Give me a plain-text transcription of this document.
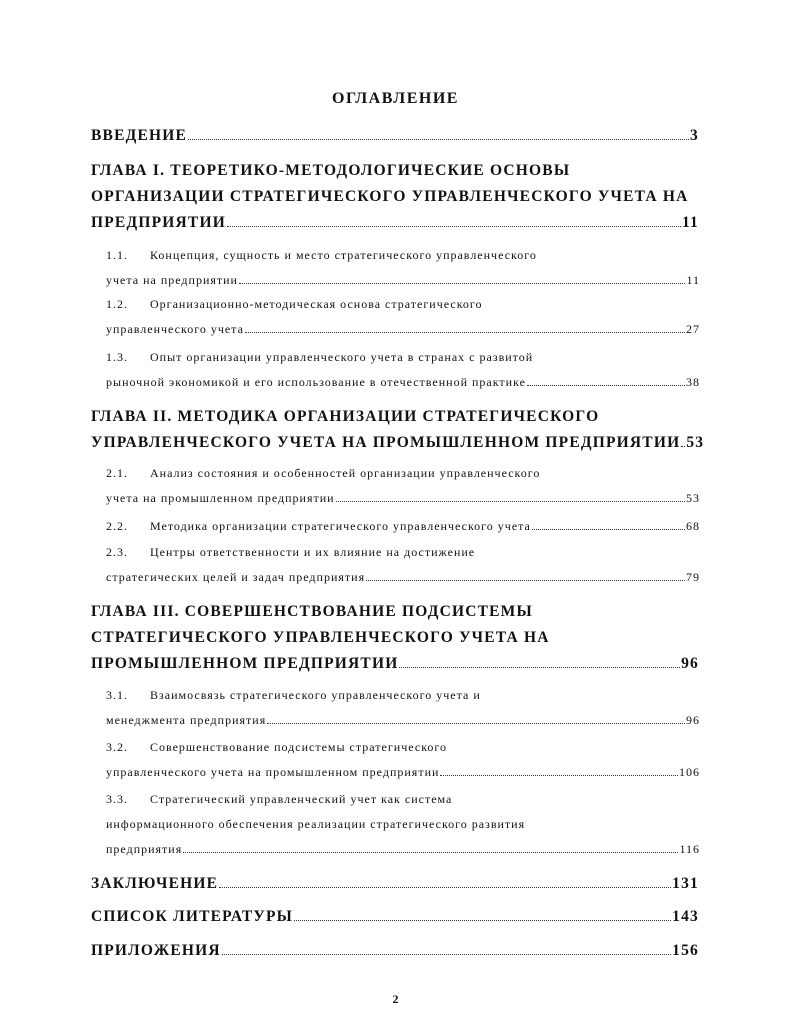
ОГЛАВЛЕНИЕ
ВВЕДЕНИЕ	3
ГЛАВА I. ТЕОРЕТИКО-МЕТОДОЛОГИЧЕСКИЕ ОСНОВЫ
ОРГАНИЗАЦИИ СТРАТЕГИЧЕСКОГО УПРАВЛЕНЧЕСКОГО УЧЕТА НА
ПРЕДПРИЯТИИ	11
1.1.	Концепция, сущность и место стратегического управленческого
учета на предприятии	11
1.2.	Организационно-методическая основа стратегического
управленческого учета	27
1.3.	Опыт организации управленческого учета в странах с развитой
рыночной экономикой и его использование в отечественной практике	38
ГЛАВА II. МЕТОДИКА ОРГАНИЗАЦИИ СТРАТЕГИЧЕСКОГО
УПРАВЛЕНЧЕСКОГО УЧЕТА НА ПРОМЫШЛЕННОМ ПРЕДПРИЯТИИ 53
2.1.	Анализ состояния и особенностей организации управленческого
учета на промышленном предприятии	53
2.2.	Методика организации стратегического управленческого учета	68
2.3.	Центры ответственности и их влияние на достижение
стратегических целей и задач предприятия	79
ГЛАВА III. СОВЕРШЕНСТВОВАНИЕ ПОДСИСТЕМЫ
СТРАТЕГИЧЕСКОГО УПРАВЛЕНЧЕСКОГО УЧЕТА НА
ПРОМЫШЛЕННОМ ПРЕДПРИЯТИИ	96
3.1.	Взаимосвязь стратегического управленческого учета и
менеджмента предприятия	96
3.2.	Совершенствование подсистемы стратегического
управленческого учета на промышленном предприятии	106
3.3.	Стратегический управленческий учет как система
информационного обеспечения реализации стратегического развития
предприятия	116
ЗАКЛЮЧЕНИЕ	131
СПИСОК ЛИТЕРАТУРЫ	143
ПРИЛОЖЕНИЯ	156
2
